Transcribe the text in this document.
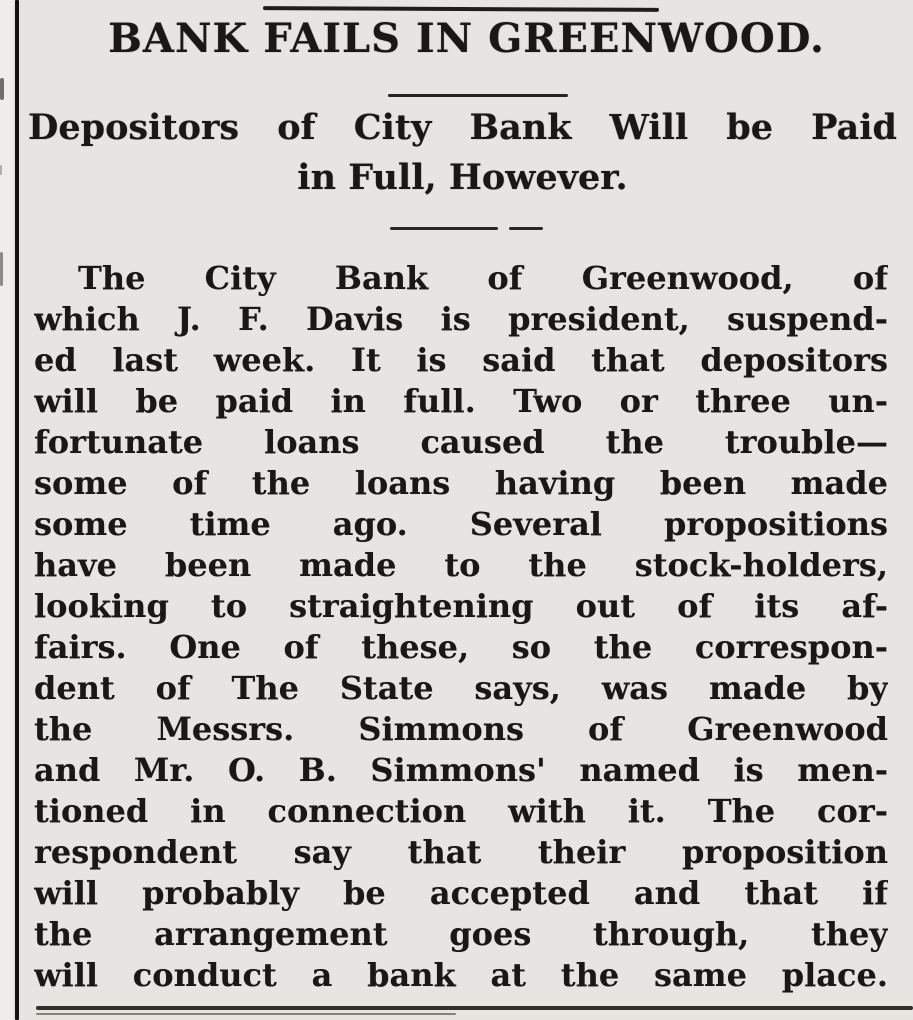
BANK FAILS IN GREENWOOD.
Depositors of City Bank Will be Paid
in Full, However.
The City Bank of Greenwood, of
which J. F. Davis is president, suspend-
ed last week. It is said that depositors
will be paid in full. Two or three un-
fortunate loans caused the trouble—
some of the loans having been made
some time ago. Several propositions
have been made to the stock-holders,
looking to straightening out of its af-
fairs. One of these, so the correspon-
dent of The State says, was made by
the Messrs. Simmons of Greenwood
and Mr. O. B. Simmons' named is men-
tioned in connection with it. The cor-
respondent say that their proposition
will probably be accepted and that if
the arrangement goes through, they
will conduct a bank at the same place.
